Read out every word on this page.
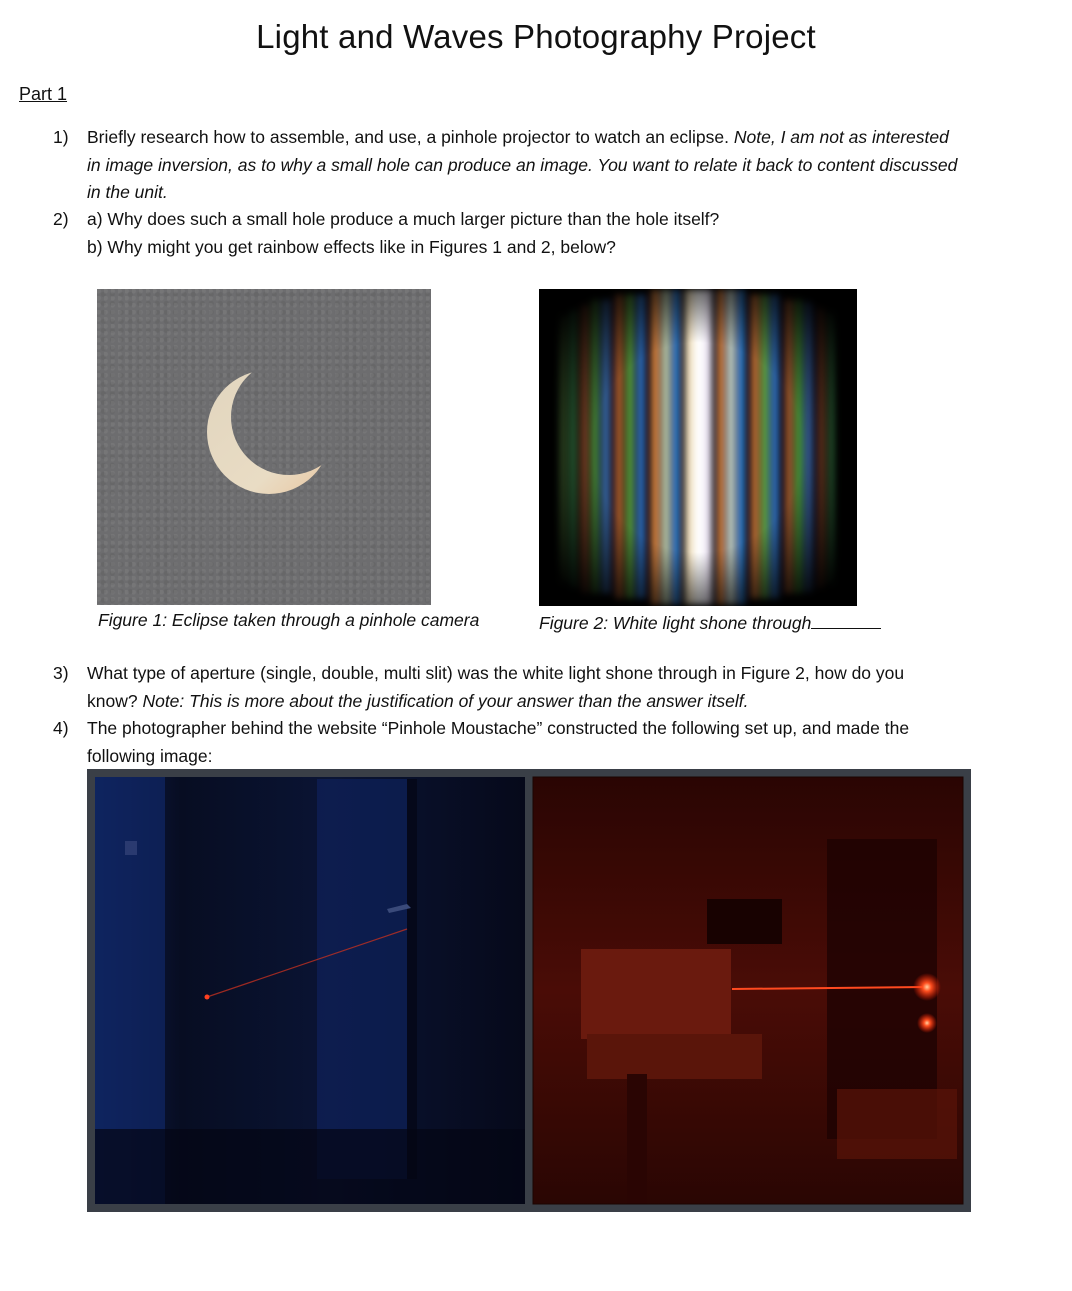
Light and Waves Photography Project
Part 1
1) Briefly research how to assemble, and use, a pinhole projector to watch an eclipse. Note, I am not as interested
in image inversion, as to why a small hole can produce an image. You want to relate it back to content discussed
in the unit.
2) a) Why does such a small hole produce a much larger picture than the hole itself?
b) Why might you get rainbow effects like in Figures 1 and 2, below?
Figure 1: Eclipse taken through a pinhole camera	Figure 2: White light shone through
3) What type of aperture (single, double, multi slit) was the white light shone through in Figure 2, how do you
know? Note: This is more about the justification of your answer than the answer itself.
4) The photographer behind the website “Pinhole Moustache” constructed the following set up, and made the
following image:
